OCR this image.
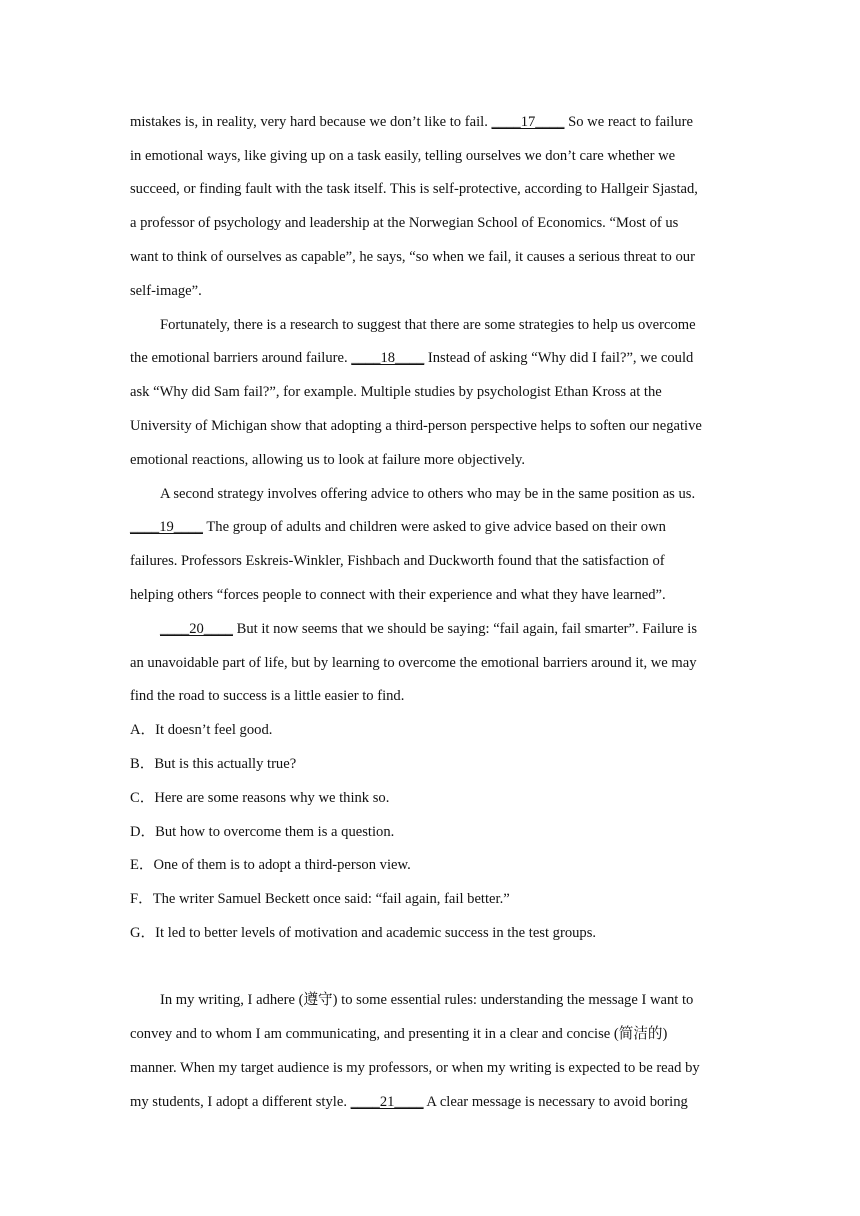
mistakes is, in reality, very hard because we don’t like to fail. ____17____ So we react to failure
in emotional ways, like giving up on a task easily, telling ourselves we don’t care whether we
succeed, or finding fault with the task itself. This is self-protective, according to Hallgeir Sjastad,
a professor of psychology and leadership at the Norwegian School of Economics. “Most of us
want to think of ourselves as capable”, he says, “so when we fail, it causes a serious threat to our
self-image”.
Fortunately, there is a research to suggest that there are some strategies to help us overcome
the emotional barriers around failure. ____18____ Instead of asking “Why did I fail?”, we could
ask “Why did Sam fail?”, for example. Multiple studies by psychologist Ethan Kross at the
University of Michigan show that adopting a third-person perspective helps to soften our negative
emotional reactions, allowing us to look at failure more objectively.
A second strategy involves offering advice to others who may be in the same position as us.
____19____ The group of adults and children were asked to give advice based on their own
failures. Professors Eskreis-Winkler, Fishbach and Duckworth found that the satisfaction of
helping others “forces people to connect with their experience and what they have learned”.
____20____ But it now seems that we should be saying: “fail again, fail smarter”. Failure is
an unavoidable part of life, but by learning to overcome the emotional barriers around it, we may
find the road to success is a little easier to find.
A．It doesn’t feel good.
B．But is this actually true?
C．Here are some reasons why we think so.
D．But how to overcome them is a question.
E．One of them is to adopt a third-person view.
F．The writer Samuel Beckett once said: “fail again, fail better.”
G．It led to better levels of motivation and academic success in the test groups.
In my writing, I adhere (遵守) to some essential rules: understanding the message I want to
convey and to whom I am communicating, and presenting it in a clear and concise (简洁的)
manner. When my target audience is my professors, or when my writing is expected to be read by
my students, I adopt a different style. ____21____ A clear message is necessary to avoid boring
